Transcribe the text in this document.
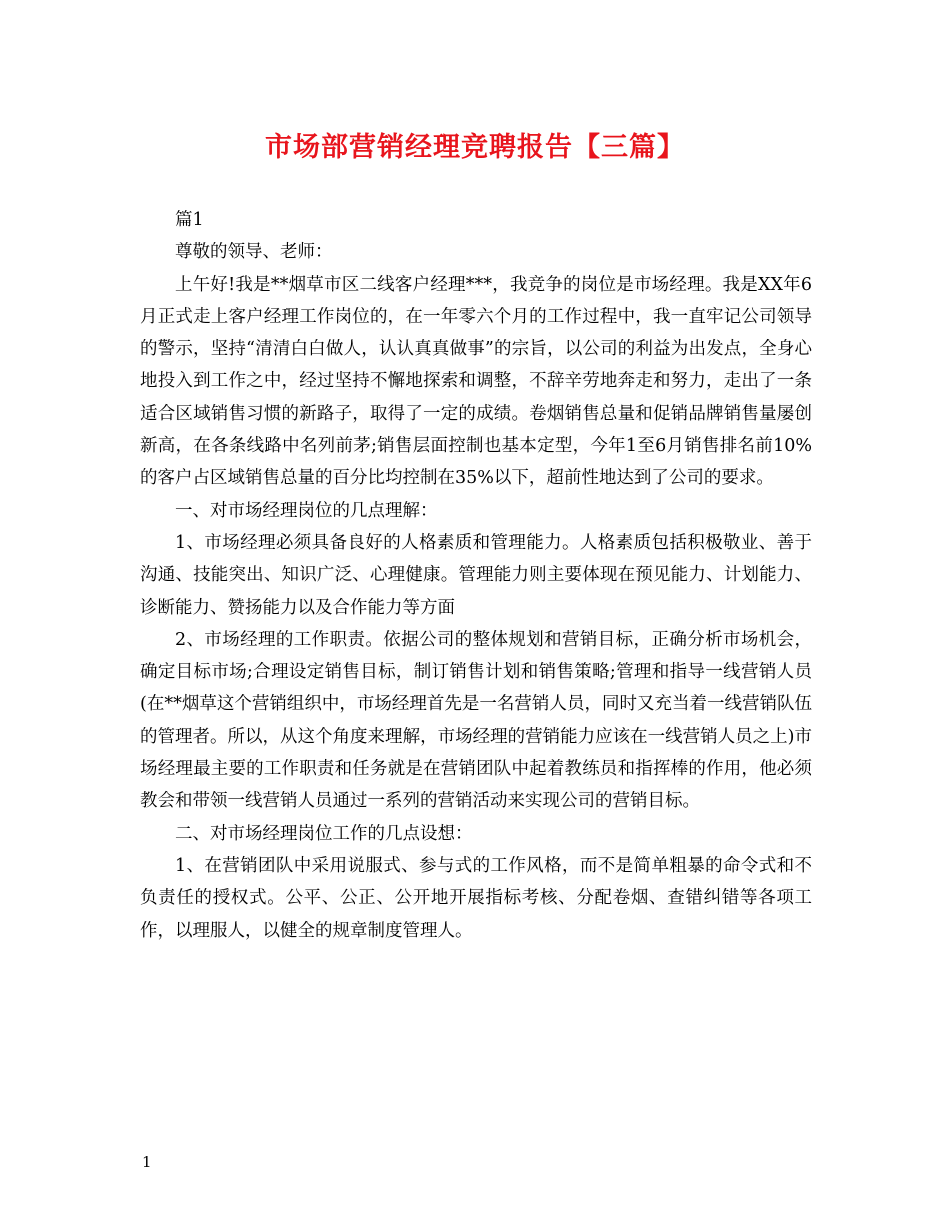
市场部营销经理竞聘报告【三篇】

篇1

尊敬的领导、老师：

上午好!我是**烟草市区二线客户经理***，我竞争的岗位是市场经理。我是XX年6月正式走上客户经理工作岗位的，在一年零六个月的工作过程中，我一直牢记公司领导的警示，坚持“清清白白做人，认认真真做事”的宗旨，以公司的利益为出发点，全身心地投入到工作之中，经过坚持不懈地探索和调整，不辞辛劳地奔走和努力，走出了一条适合区域销售习惯的新路子，取得了一定的成绩。卷烟销售总量和促销品牌销售量屡创新高，在各条线路中名列前茅;销售层面控制也基本定型，今年1至6月销售排名前10%的客户占区域销售总量的百分比均控制在35%以下，超前性地达到了公司的要求。

一、对市场经理岗位的几点理解：

1、市场经理必须具备良好的人格素质和管理能力。人格素质包括积极敬业、善于沟通、技能突出、知识广泛、心理健康。管理能力则主要体现在预见能力、计划能力、诊断能力、赞扬能力以及合作能力等方面

2、市场经理的工作职责。依据公司的整体规划和营销目标，正确分析市场机会，确定目标市场;合理设定销售目标，制订销售计划和销售策略;管理和指导一线营销人员(在**烟草这个营销组织中，市场经理首先是一名营销人员，同时又充当着一线营销队伍的管理者。所以，从这个角度来理解，市场经理的营销能力应该在一线营销人员之上)市场经理最主要的工作职责和任务就是在营销团队中起着教练员和指挥棒的作用，他必须教会和带领一线营销人员通过一系列的营销活动来实现公司的营销目标。

二、对市场经理岗位工作的几点设想：

1、在营销团队中采用说服式、参与式的工作风格，而不是简单粗暴的命令式和不负责任的授权式。公平、公正、公开地开展指标考核、分配卷烟、查错纠错等各项工作，以理服人，以健全的规章制度管理人。

1
